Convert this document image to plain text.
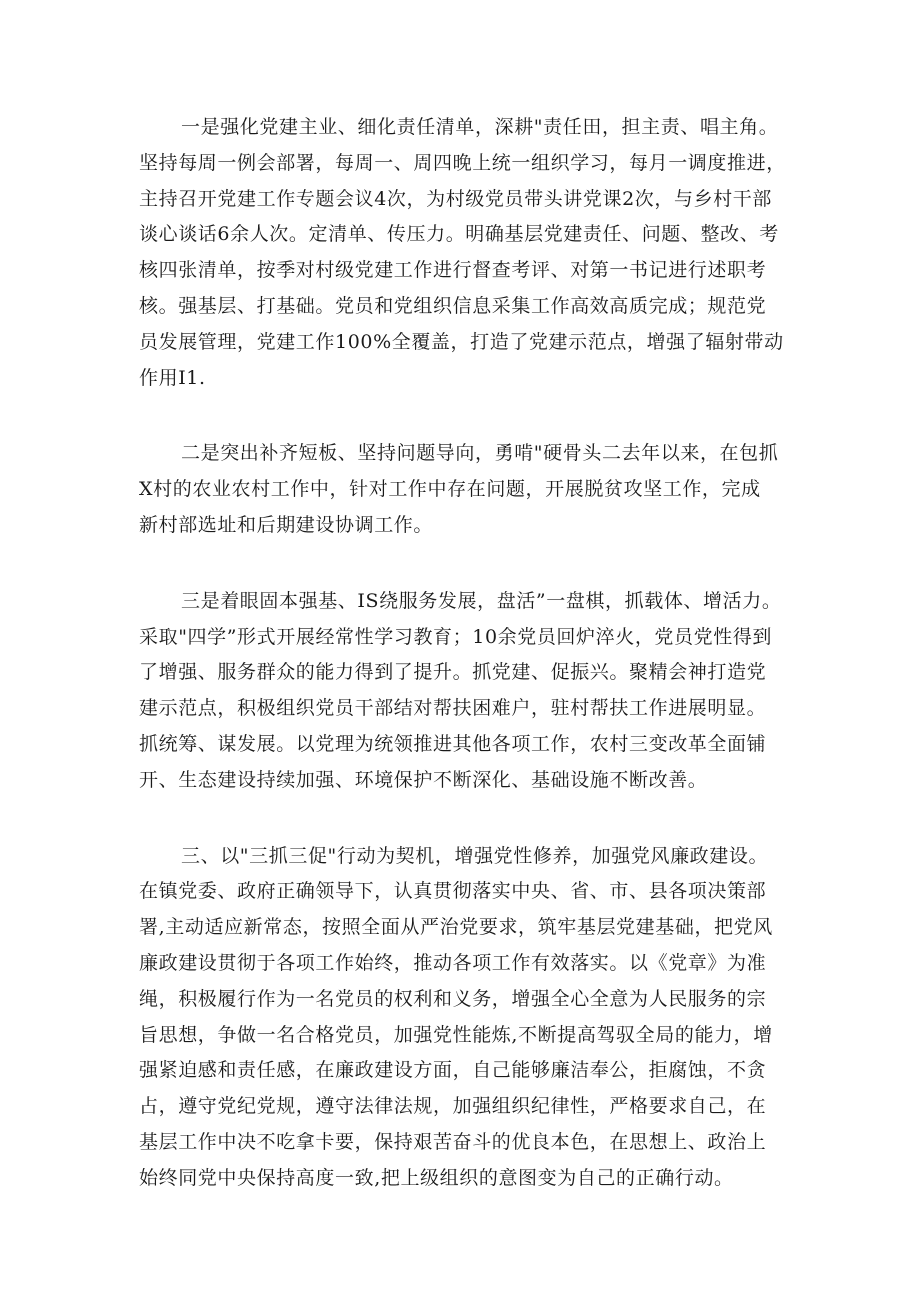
一是强化党建主业、细化责任清单，深耕"责任田，担主责、唱主角。
坚持每周一例会部署，每周一、周四晚上统一组织学习，每月一调度推进，
主持召开党建工作专题会议4次，为村级党员带头讲党课2次，与乡村干部
谈心谈话6余人次。定清单、传压力。明确基层党建责任、问题、整改、考
核四张清单，按季对村级党建工作进行督查考评、对第一书记进行述职考
核。强基层、打基础。党员和党组织信息采集工作高效高质完成；规范党
员发展管理，党建工作100%全覆盖，打造了党建示范点，增强了辐射带动
作用I1.
二是突出补齐短板、坚持问题导向，勇啃"硬骨头二去年以来，在包抓
X村的农业农村工作中，针对工作中存在问题，开展脱贫攻坚工作，完成
新村部选址和后期建设协调工作。
三是着眼固本强基、IS绕服务发展，盘活”一盘棋，抓载体、增活力。
采取"四学”形式开展经常性学习教育；10余党员回炉淬火，党员党性得到
了增强、服务群众的能力得到了提升。抓党建、促振兴。聚精会神打造党
建示范点，积极组织党员干部结对帮扶困难户，驻村帮扶工作进展明显。
抓统筹、谋发展。以党理为统领推进其他各项工作，农村三变改革全面铺
开、生态建设持续加强、环境保护不断深化、基础设施不断改善。
三、以"三抓三促"行动为契机，增强党性修养，加强党风廉政建设。
在镇党委、政府正确领导下，认真贯彻落实中央、省、市、县各项决策部
署,主动适应新常态，按照全面从严治党要求，筑牢基层党建基础，把党风
廉政建设贯彻于各项工作始终，推动各项工作有效落实。以《党章》为准
绳，积极履行作为一名党员的权利和义务，增强全心全意为人民服务的宗
旨思想，争做一名合格党员，加强党性能炼,不断提高驾驭全局的能力，增
强紧迫感和责任感，在廉政建设方面，自己能够廉洁奉公，拒腐蚀，不贪
占，遵守党纪党规，遵守法律法规，加强组织纪律性，严格要求自己，在
基层工作中决不吃拿卡要，保持艰苦奋斗的优良本色，在思想上、政治上
始终同党中央保持高度一致,把上级组织的意图变为自己的正确行动。
